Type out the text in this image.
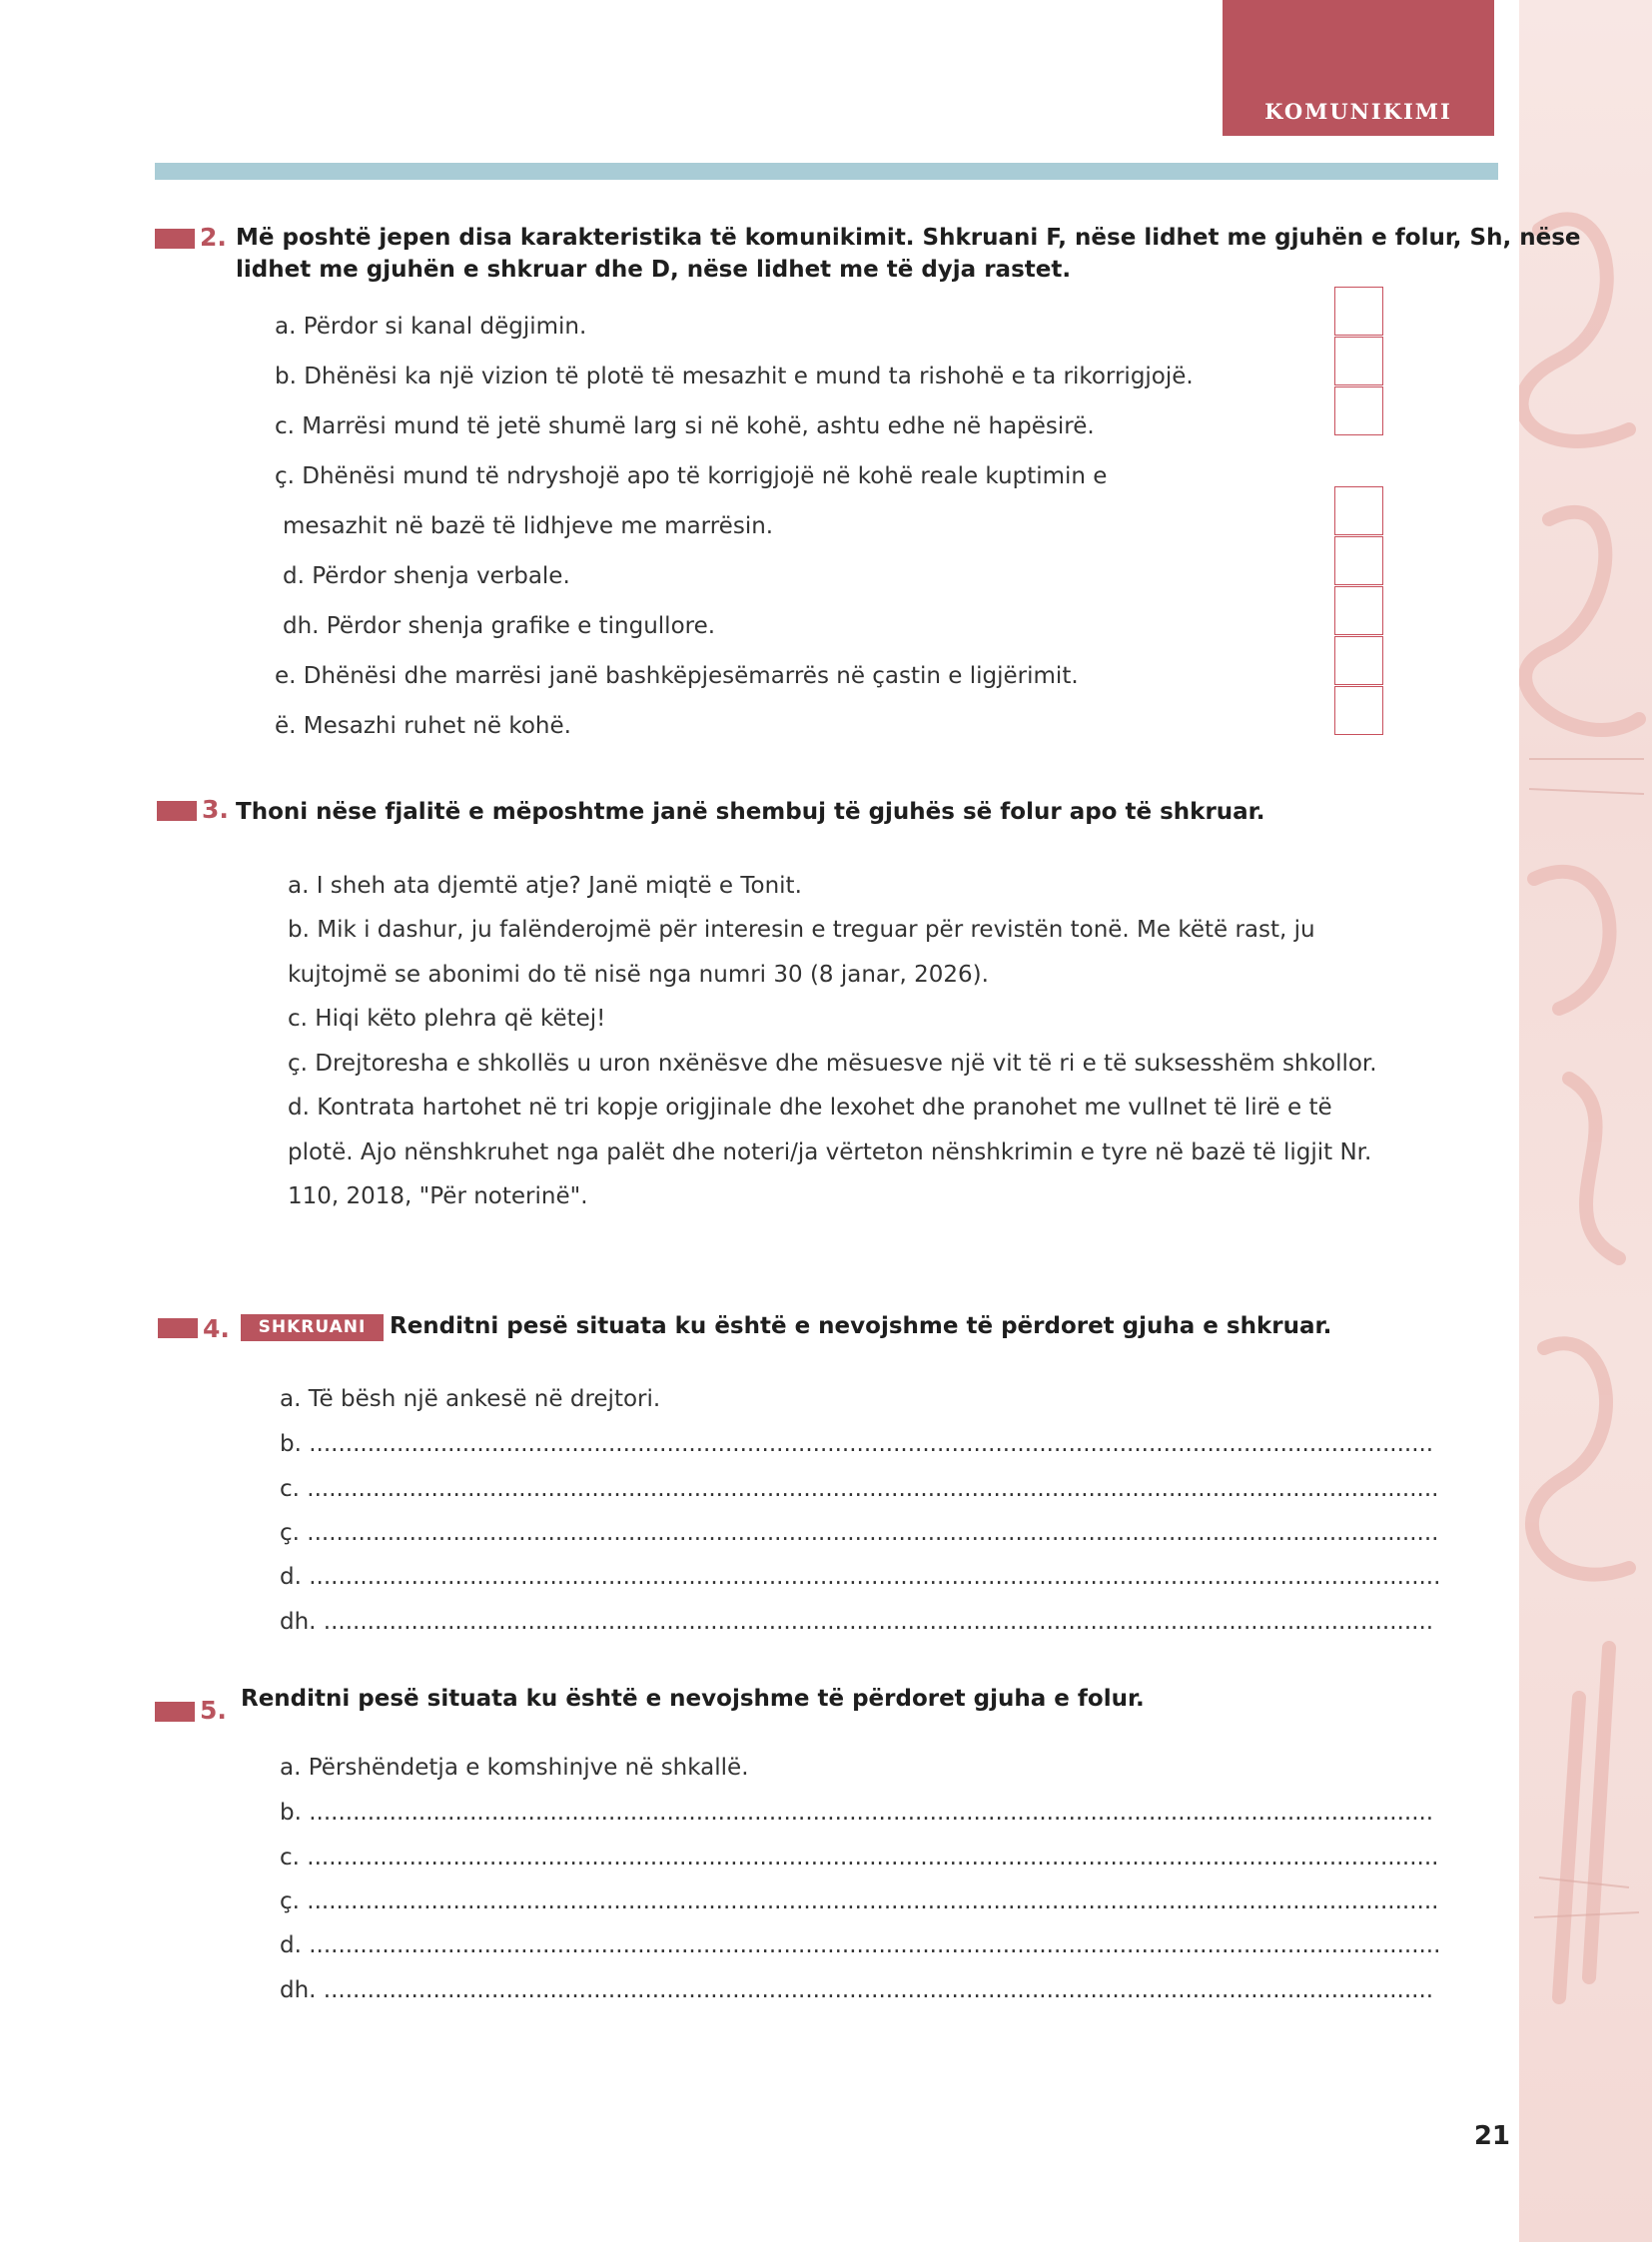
KOMUNIKIMI
2. Më poshtë jepen disa karakteristika të komunikimit. Shkruani F, nëse lidhet me gjuhën e folur, Sh, nëse
lidhet me gjuhën e shkruar dhe D, nëse lidhet me të dyja rastet.
a. Përdor si kanal dëgjimin.
b. Dhënësi ka një vizion të plotë të mesazhit e mund ta rishohë e ta rikorrigjojë.
c. Marrësi mund të jetë shumë larg si në kohë, ashtu edhe në hapësirë.
ç. Dhënësi mund të ndryshojë apo të korrigjojë në kohë reale kuptimin e
mesazhit në bazë të lidhjeve me marrësin.
d. Përdor shenja verbale.
dh. Përdor shenja grafike e tingullore.
e. Dhënësi dhe marrësi janë bashkëpjesëmarrës në çastin e ligjërimit.
ë. Mesazhi ruhet në kohë.
3. Thoni nëse fjalitë e mëposhtme janë shembuj të gjuhës së folur apo të shkruar.
a. I sheh ata djemtë atje? Janë miqtë e Tonit.
b. Mik i dashur, ju falënderojmë për interesin e treguar për revistën tonë. Me këtë rast, ju
kujtojmë se abonimi do të nisë nga numri 30 (8 janar, 2026).
c. Hiqi këto plehra që këtej!
ç. Drejtoresha e shkollës u uron nxënësve dhe mësuesve një vit të ri e të suksesshëm shkollor.
d. Kontrata hartohet në tri kopje origjinale dhe lexohet dhe pranohet me vullnet të lirë e të
plotë. Ajo nënshkruhet nga palët dhe noteri/ja vërteton nënshkrimin e tyre në bazë të ligjit Nr.
110, 2018, "Për noterinë".
4.	SHKRUANI	Renditni pesë situata ku është e nevojshme të përdoret gjuha e shkruar.
a. Të bësh një ankesë në drejtori.
b. ..........................................................................................................................................................
c. ...........................................................................................................................................................
ç. ...........................................................................................................................................................
d. ...........................................................................................................................................................
dh. ........................................................................................................................................................
5. Renditni pesë situata ku është e nevojshme të përdoret gjuha e folur.
a. Përshëndetja e komshinjve në shkallë.
b. ..........................................................................................................................................................
c. ...........................................................................................................................................................
ç. ...........................................................................................................................................................
d. ...........................................................................................................................................................
dh. ........................................................................................................................................................
21
